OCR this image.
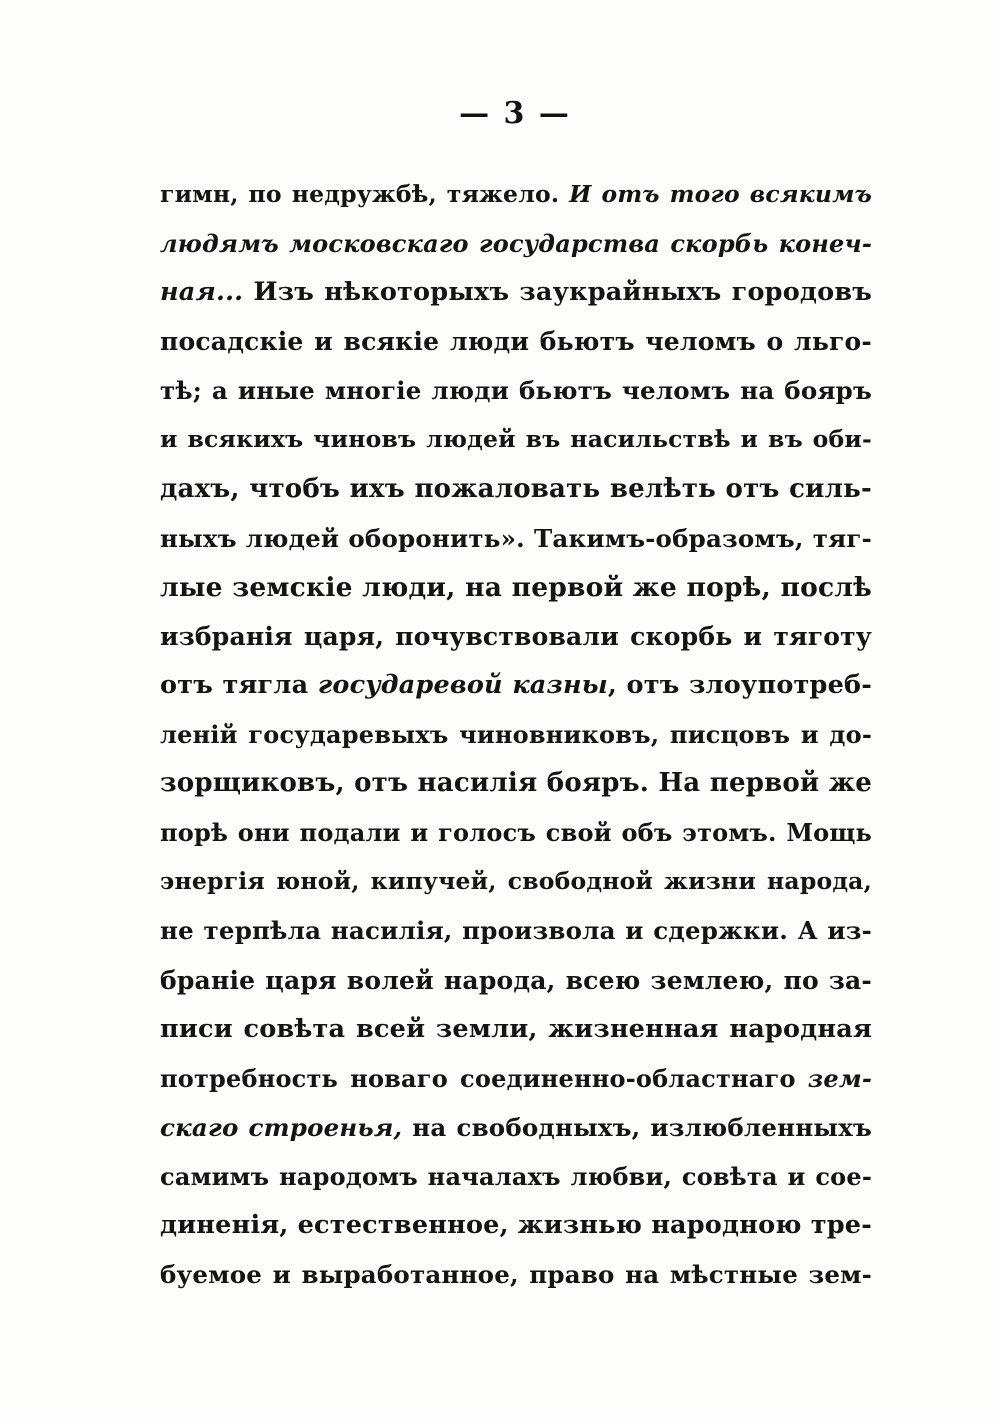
— 3 —
гимн, по недружбѣ, тяжело. И отъ того всякимъ
людямъ московскаго государства скорбь конеч-
ная... Изъ нѣкоторыхъ заукрайныхъ городовъ
посадскіе и всякіе люди бьютъ челомъ о льго-
тѣ; а иные многіе люди бьютъ челомъ на бояръ
и всякихъ чиновъ людей въ насильствѣ и въ оби-
дахъ, чтобъ ихъ пожаловать велѣть отъ силь-
ныхъ людей оборонить». Такимъ-образомъ, тяг-
лые земскіе люди, на первой же порѣ, послѣ
избранія царя, почувствовали скорбь и тяготу
отъ тягла государевой казны, отъ злоупотреб-
леній государевыхъ чиновниковъ, писцовъ и до-
зорщиковъ, отъ насилія бояръ. На первой же
порѣ они подали и голосъ свой объ этомъ. Мощь
энергія юной, кипучей, свободной жизни народа,
не терпѣла насилія, произвола и сдержки. А из-
браніе царя волей народа, всею землею, по за-
писи совѣта всей земли, жизненная народная
потребность новаго соединенно-областнаго зем-
скаго строенья, на свободныхъ, излюбленныхъ
самимъ народомъ началахъ любви, совѣта и сое-
диненія, естественное, жизнью народною тре-
буемое и выработанное, право на мѣстные зем-
